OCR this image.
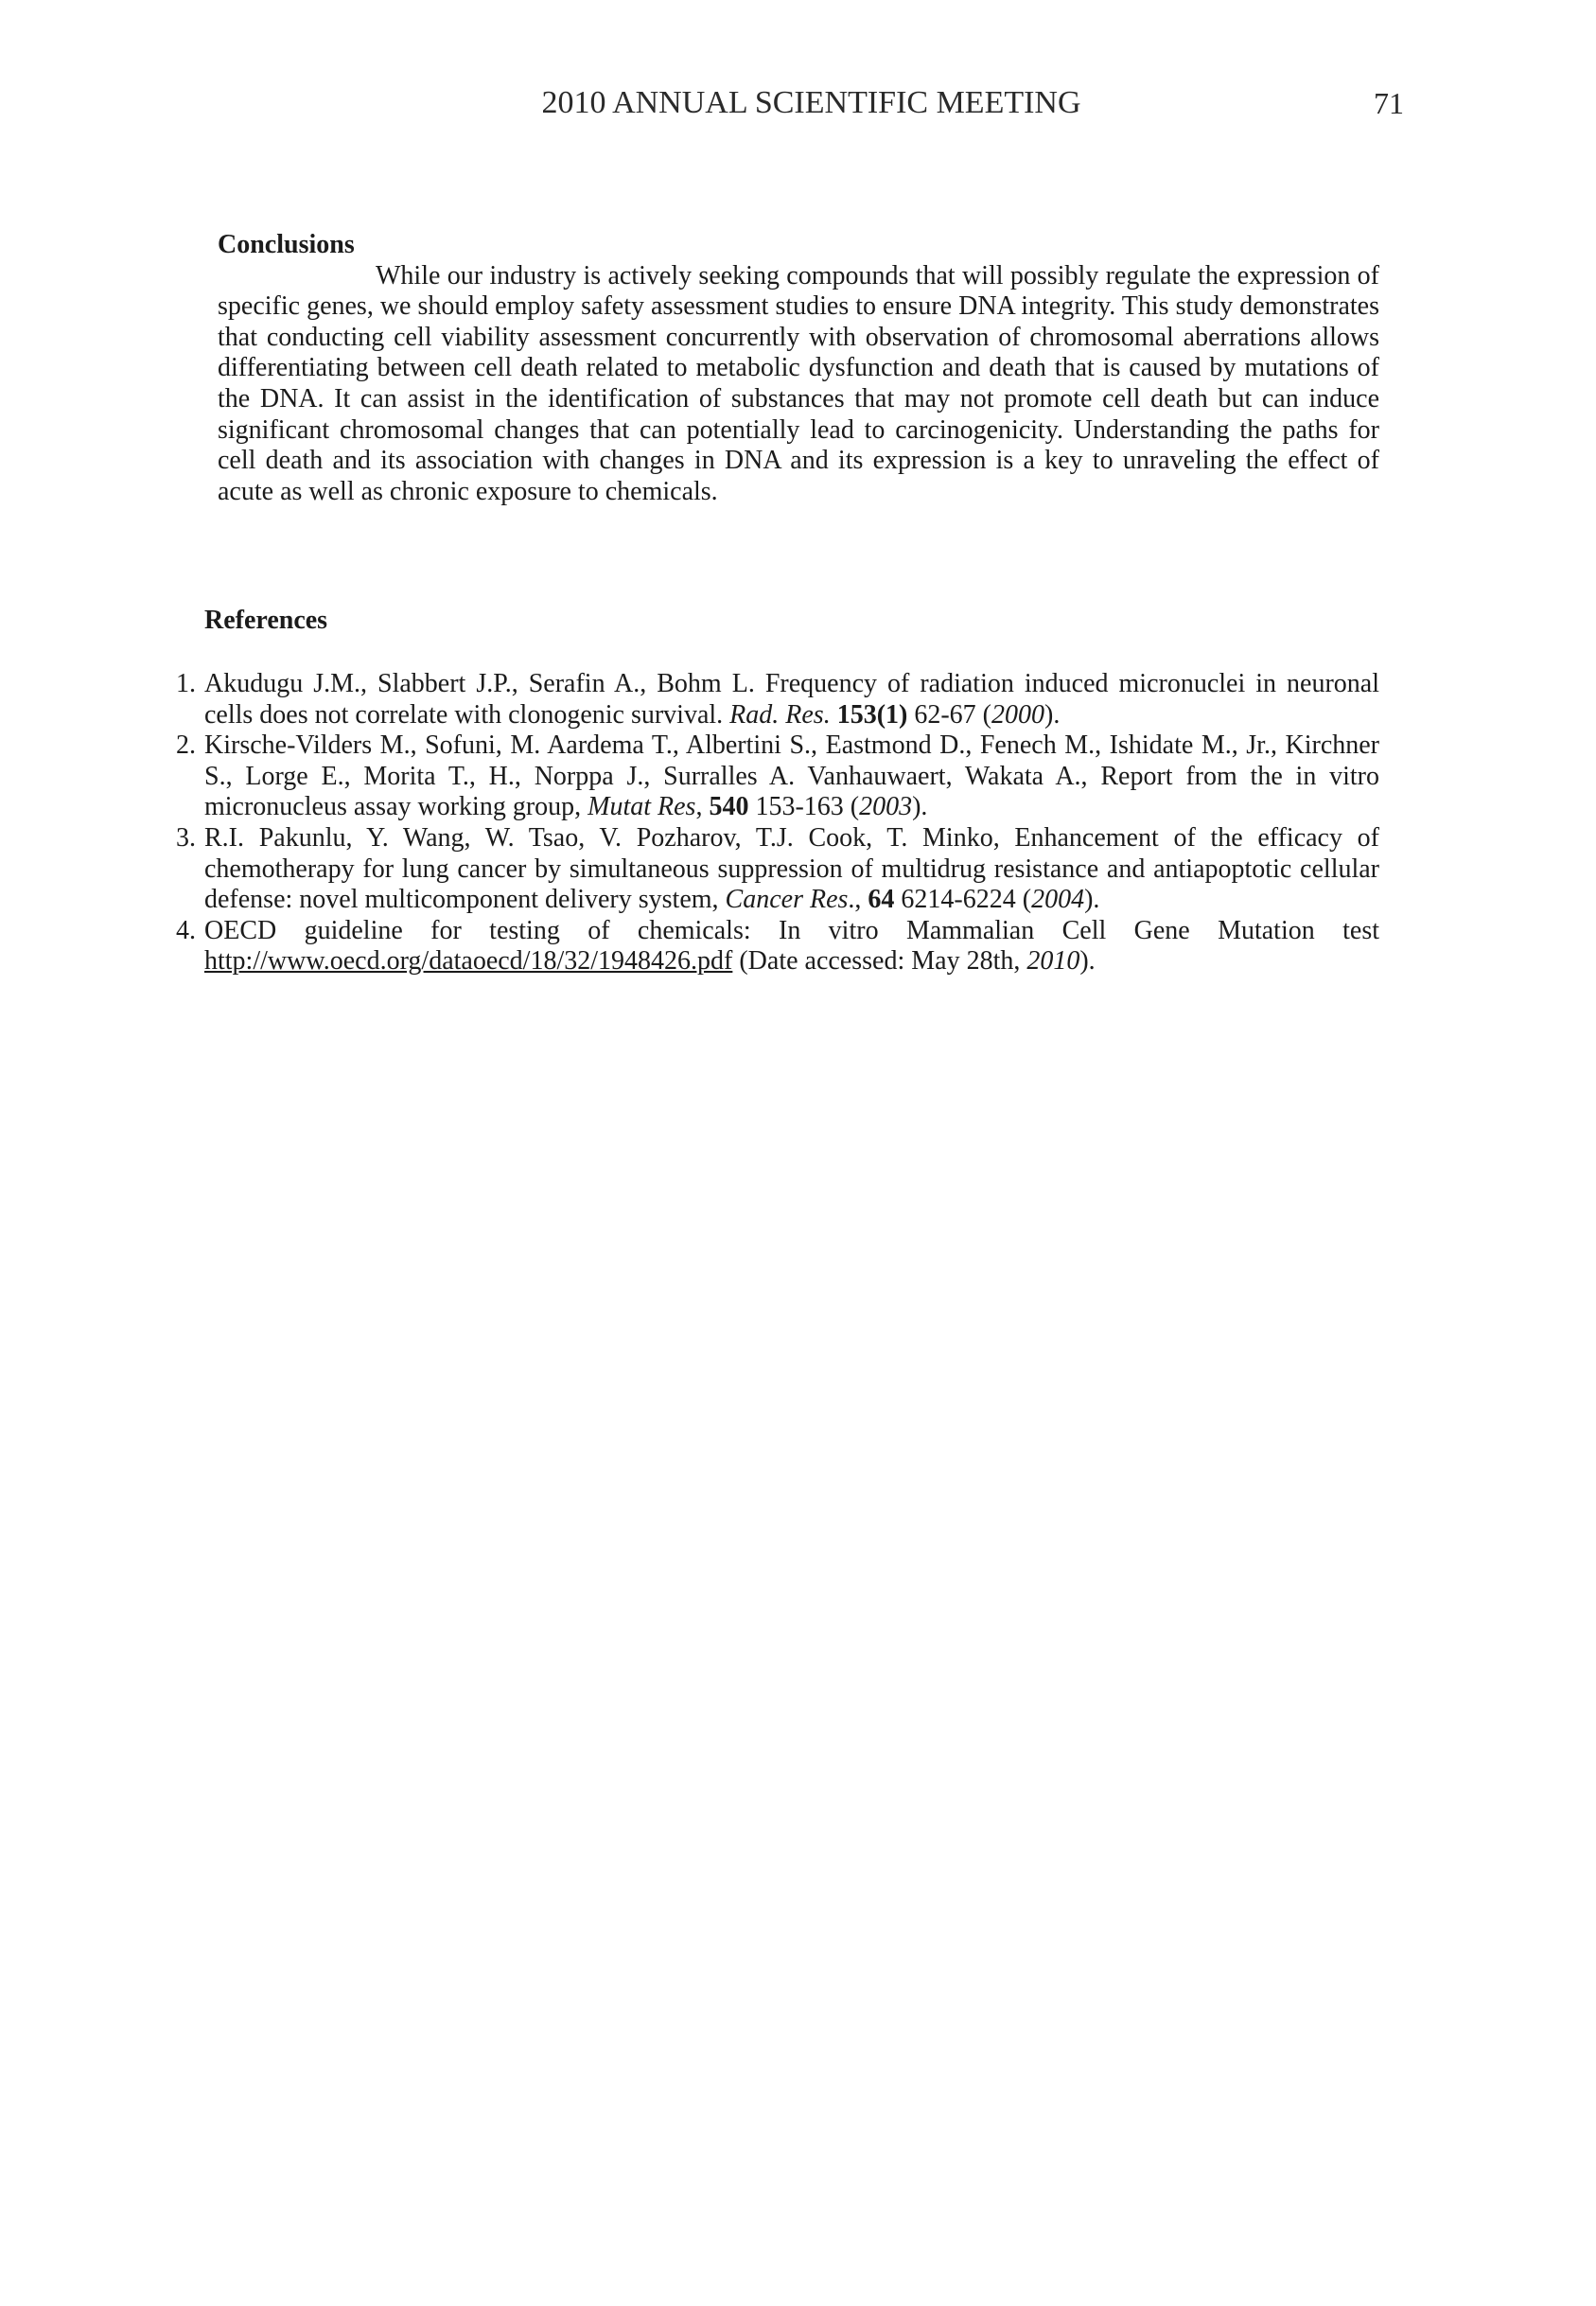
2010 ANNUAL SCIENTIFIC MEETING	71
Conclusions

While our industry is actively seeking compounds that will possibly regulate the expression of specific genes, we should employ safety assessment studies to ensure DNA integrity. This study demonstrates that conducting cell viability assessment concurrently with observation of chromosomal aberrations allows differentiating between cell death related to metabolic dysfunction and death that is caused by mutations of the DNA. It can assist in the identification of substances that may not promote cell death but can induce significant chromosomal changes that can potentially lead to carcinogenicity. Understanding the paths for cell death and its association with changes in DNA and its expression is a key to unraveling the effect of acute as well as chronic exposure to chemicals.

References
1. Akudugu J.M., Slabbert J.P., Serafin A., Bohm L. Frequency of radiation induced micronuclei in neuronal cells does not correlate with clonogenic survival. Rad. Res. 153(1) 62-67 (2000).
2. Kirsche-Vilders M., Sofuni, M. Aardema T., Albertini S., Eastmond D., Fenech M., Ishidate M., Jr., Kirchner S., Lorge E., Morita T., H., Norppa J., Surralles A. Vanhauwaert, Wakata A., Report from the in vitro micronucleus assay working group, Mutat Res, 540 153-163 (2003).
3. R.I. Pakunlu, Y. Wang, W. Tsao, V. Pozharov, T.J. Cook, T. Minko, Enhancement of the efficacy of chemotherapy for lung cancer by simultaneous suppression of multidrug resistance and antiapoptotic cellular defense: novel multicomponent delivery system, Cancer Res., 64 6214-6224 (2004).
4. OECD guideline for testing of chemicals: In vitro Mammalian Cell Gene Mutation test http://www.oecd.org/dataoecd/18/32/1948426.pdf (Date accessed: May 28th, 2010).
